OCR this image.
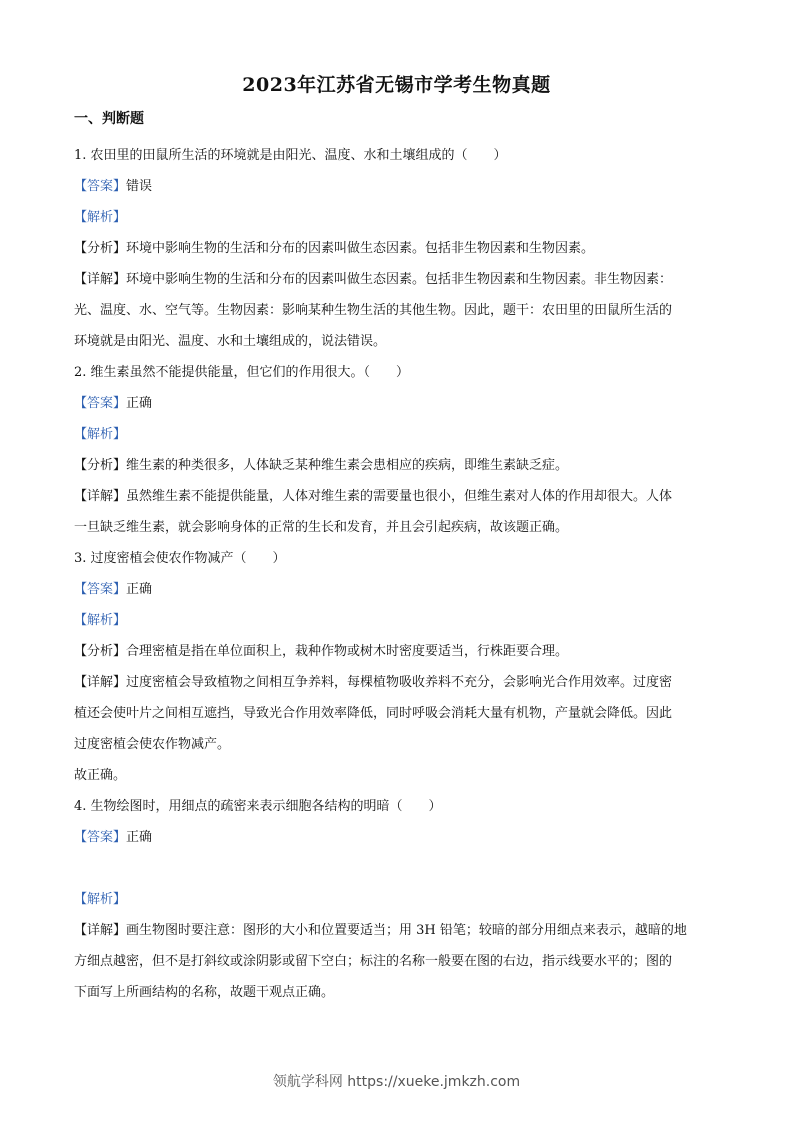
2023年江苏省无锡市学考生物真题
一、判断题
1. 农田里的田鼠所生活的环境就是由阳光、温度、水和土壤组成的（　　）
【答案】错误
【解析】
【分析】环境中影响生物的生活和分布的因素叫做生态因素。包括非生物因素和生物因素。
【详解】环境中影响生物的生活和分布的因素叫做生态因素。包括非生物因素和生物因素。非生物因素：
光、温度、水、空气等。生物因素：影响某种生物生活的其他生物。因此，题干：农田里的田鼠所生活的
环境就是由阳光、温度、水和土壤组成的，说法错误。
2. 维生素虽然不能提供能量，但它们的作用很大。（　　）
【答案】正确
【解析】
【分析】维生素的种类很多，人体缺乏某种维生素会患相应的疾病，即维生素缺乏症。
【详解】虽然维生素不能提供能量，人体对维生素的需要量也很小，但维生素对人体的作用却很大。人体
一旦缺乏维生素，就会影响身体的正常的生长和发育，并且会引起疾病，故该题正确。
3. 过度密植会使农作物减产（　　）
【答案】正确
【解析】
【分析】合理密植是指在单位面积上，栽种作物或树木时密度要适当，行株距要合理。
【详解】过度密植会导致植物之间相互争养料，每棵植物吸收养料不充分，会影响光合作用效率。过度密
植还会使叶片之间相互遮挡，导致光合作用效率降低，同时呼吸会消耗大量有机物，产量就会降低。因此
过度密植会使农作物减产。
故正确。
4. 生物绘图时，用细点的疏密来表示细胞各结构的明暗（　　）
【答案】正确
【解析】
【详解】画生物图时要注意：图形的大小和位置要适当；用 3H 铅笔；较暗的部分用细点来表示，越暗的地
方细点越密，但不是打斜纹或涂阴影或留下空白；标注的名称一般要在图的右边，指示线要水平的；图的
下面写上所画结构的名称，故题干观点正确。
领航学科网 https://xueke.jmkzh.com
